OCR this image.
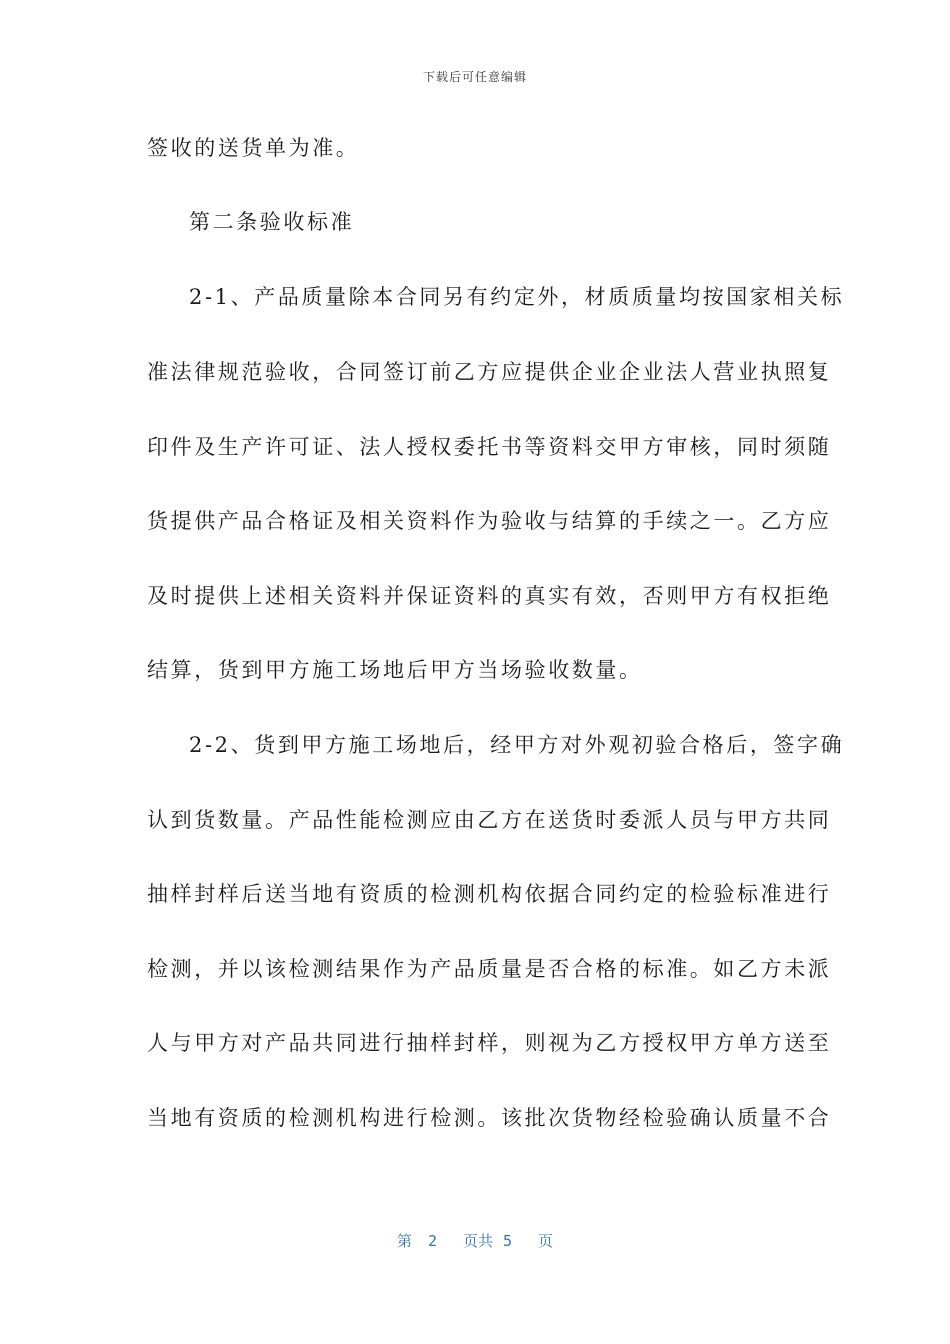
下载后可任意编辑
签收的送货单为准。
第二条验收标准
2-1、产品质量除本合同另有约定外，材质质量均按国家相关标
准法律规范验收，合同签订前乙方应提供企业企业法人营业执照复
印件及生产许可证、法人授权委托书等资料交甲方审核，同时须随
货提供产品合格证及相关资料作为验收与结算的手续之一。乙方应
及时提供上述相关资料并保证资料的真实有效，否则甲方有权拒绝
结算，货到甲方施工场地后甲方当场验收数量。
2-2、货到甲方施工场地后，经甲方对外观初验合格后，签字确
认到货数量。产品性能检测应由乙方在送货时委派人员与甲方共同
抽样封样后送当地有资质的检测机构依据合同约定的检验标准进行
检测，并以该检测结果作为产品质量是否合格的标准。如乙方未派
人与甲方对产品共同进行抽样封样，则视为乙方授权甲方单方送至
当地有资质的检测机构进行检测。该批次货物经检验确认质量不合
第 2 页共 5 页
